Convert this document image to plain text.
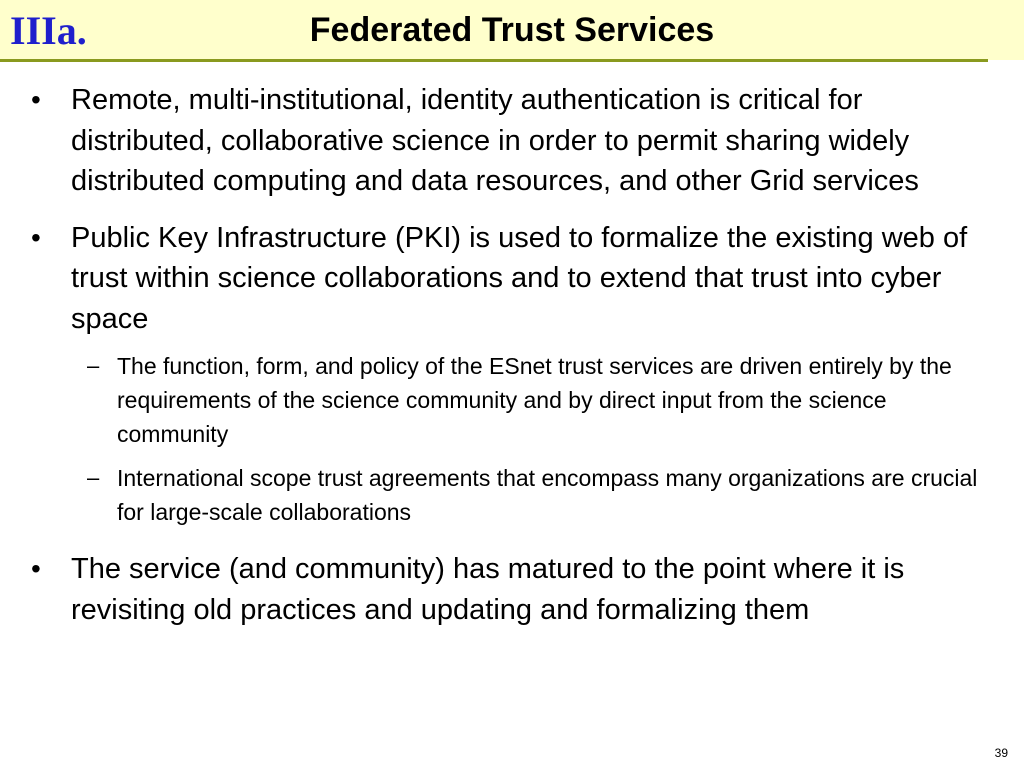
IIIa.	Federated Trust Services
• Remote, multi-institutional, identity authentication is critical for distributed, collaborative science in order to permit sharing widely distributed computing and data resources, and other Grid services
• Public Key Infrastructure (PKI) is used to formalize the existing web of trust within science collaborations and to extend that trust into cyber space
– The function, form, and policy of the ESnet trust services are driven entirely by the requirements of the science community and by direct input from the science community
– International scope trust agreements that encompass many organizations are crucial for large-scale collaborations
• The service (and community) has matured to the point where it is revisiting old practices and updating and formalizing them
39
